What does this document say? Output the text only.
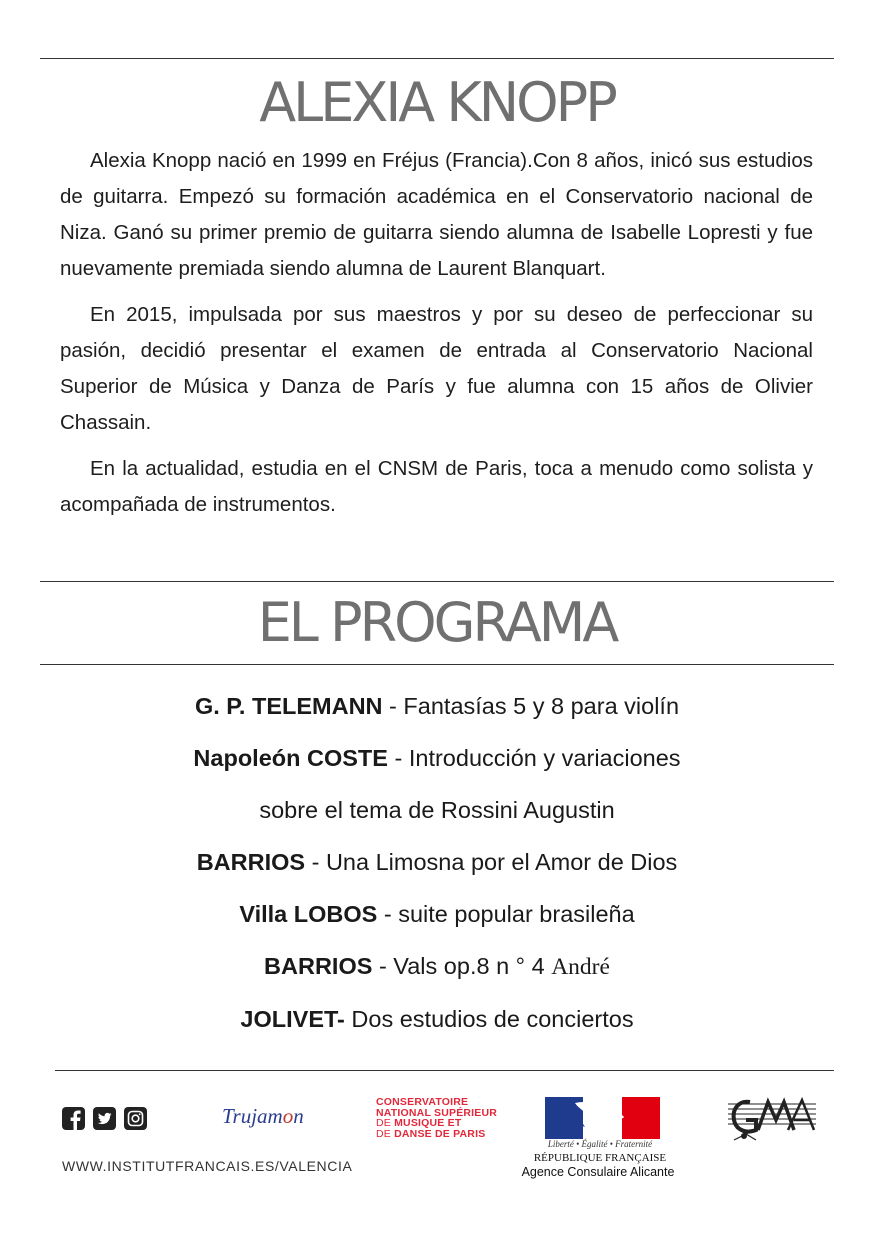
ALEXIA KNOPP

Alexia Knopp nació en 1999 en Fréjus (Francia).Con 8 años, inicó sus estudios de guitarra. Empezó su formación académica en el Conservatorio nacional de Niza. Ganó su primer premio de guitarra siendo alumna de Isabelle Lopresti y fue nuevamente premiada siendo alumna de Laurent Blanquart.

En 2015, impulsada por sus maestros y por su deseo de perfeccionar su pasión, decidió presentar el examen de entrada al Conservatorio Nacional Superior de Música y Danza de París y fue alumna con 15 años de Olivier Chassain.

En la actualidad, estudia en el CNSM de Paris, toca a menudo como solista y acompañada de instrumentos.

EL PROGRAMA
G. P. TELEMANN - Fantasías 5 y 8 para violín
Napoleón COSTE - Introducción y variaciones
sobre el tema de Rossini Augustin
BARRIOS - Una Limosna por el Amor de Dios
Villa LOBOS - suite popular brasileña
BARRIOS - Vals op.8 n ° 4 André
JOLIVET- Dos estudios de conciertos
WWW.INSTITUTFRANCAIS.ES/VALENCIA
Trujamon
CONSERVATOIRE
NATIONAL SUPÉRIEUR
DE MUSIQUE ET
DE DANSE DE PARIS
Liberté • Égalité • Fraternité
RÉPUBLIQUE FRANÇAISE
Agence Consulaire Alicante
